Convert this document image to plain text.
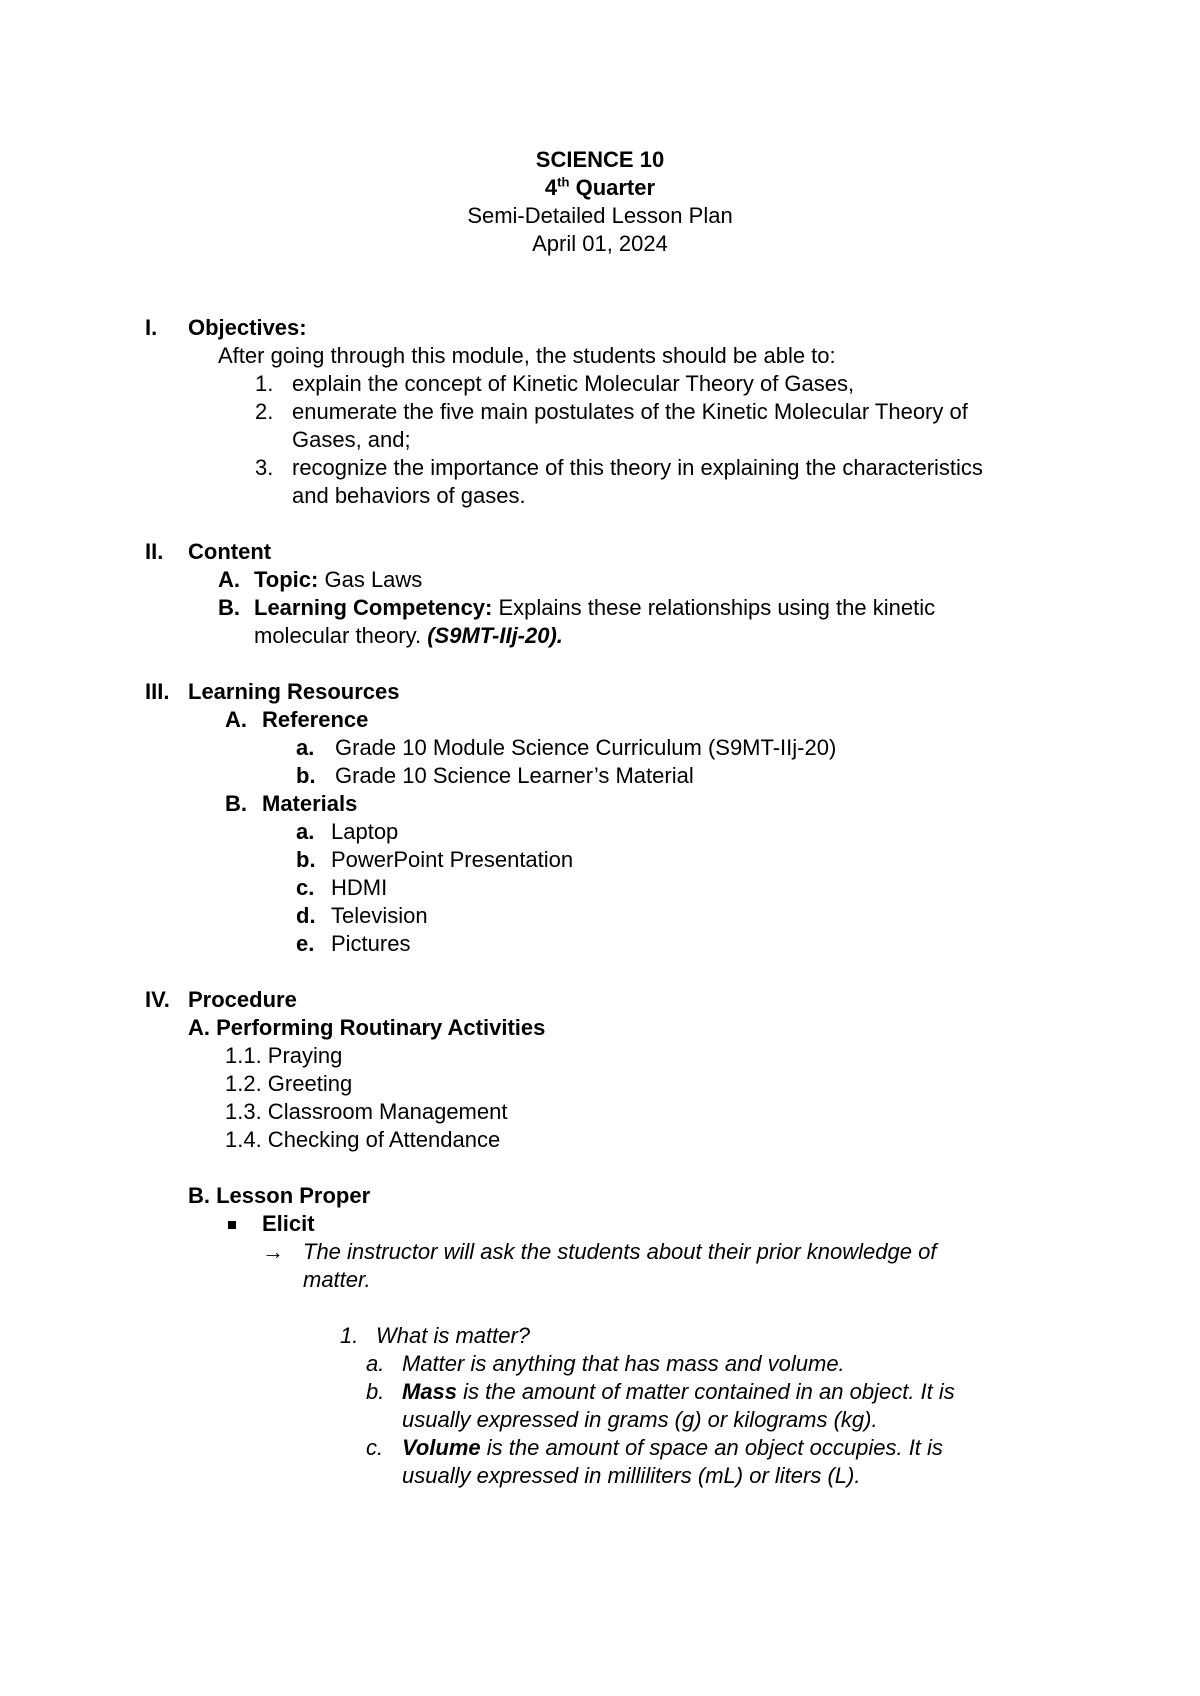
SCIENCE 10
4th Quarter
Semi-Detailed Lesson Plan
April 01, 2024
I. Objectives:
After going through this module, the students should be able to:
1. explain the concept of Kinetic Molecular Theory of Gases,
2. enumerate the five main postulates of the Kinetic Molecular Theory of
Gases, and;
3. recognize the importance of this theory in explaining the characteristics
and behaviors of gases.
II. Content
A. Topic: Gas Laws
B. Learning Competency: Explains these relationships using the kinetic
molecular theory. (S9MT-IIj-20).
III. Learning Resources
A. Reference
a. Grade 10 Module Science Curriculum (S9MT-IIj-20)
b. Grade 10 Science Learner’s Material
B. Materials
a. Laptop
b. PowerPoint Presentation
c. HDMI
d. Television
e. Pictures
IV. Procedure
A. Performing Routinary Activities
1.1. Praying
1.2. Greeting
1.3. Classroom Management
1.4. Checking of Attendance
B. Lesson Proper
Elicit
→ The instructor will ask the students about their prior knowledge of
matter.
1. What is matter?
a. Matter is anything that has mass and volume.
b. Mass is the amount of matter contained in an object. It is
usually expressed in grams (g) or kilograms (kg).
c. Volume is the amount of space an object occupies. It is
usually expressed in milliliters (mL) or liters (L).
